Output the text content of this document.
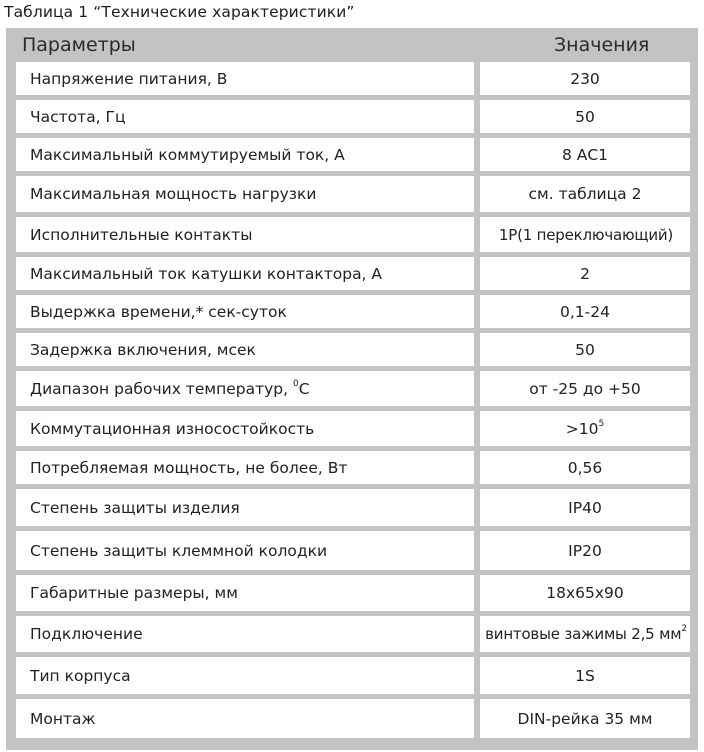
Таблица 1 “Технические характеристики”
Параметры	Значения
Напряжение питания, В	230
Частота, Гц	50
Максимальный коммутируемый ток, А	8 АС1
Максимальная мощность нагрузки	см. таблица 2
Исполнительные контакты	1Р(1 переключающий)
Максимальный ток катушки контактора, А	2
Выдержка времени,* сек-суток	0,1-24
Задержка включения, мсек	50
Диапазон рабочих температур, $^0$С	от -25 до +50
Коммутационная износостойкость	$>10^5$
Потребляемая мощность, не более, Вт	0,56
Степень защиты изделия	IP40
Степень защиты клеммной колодки	IP20
Габаритные размеры, мм	18х65х90
Подключение	винтовые зажимы 2,5 $мм^2$
Тип корпуса	1S
Монтаж	DIN-рейка 35 мм
